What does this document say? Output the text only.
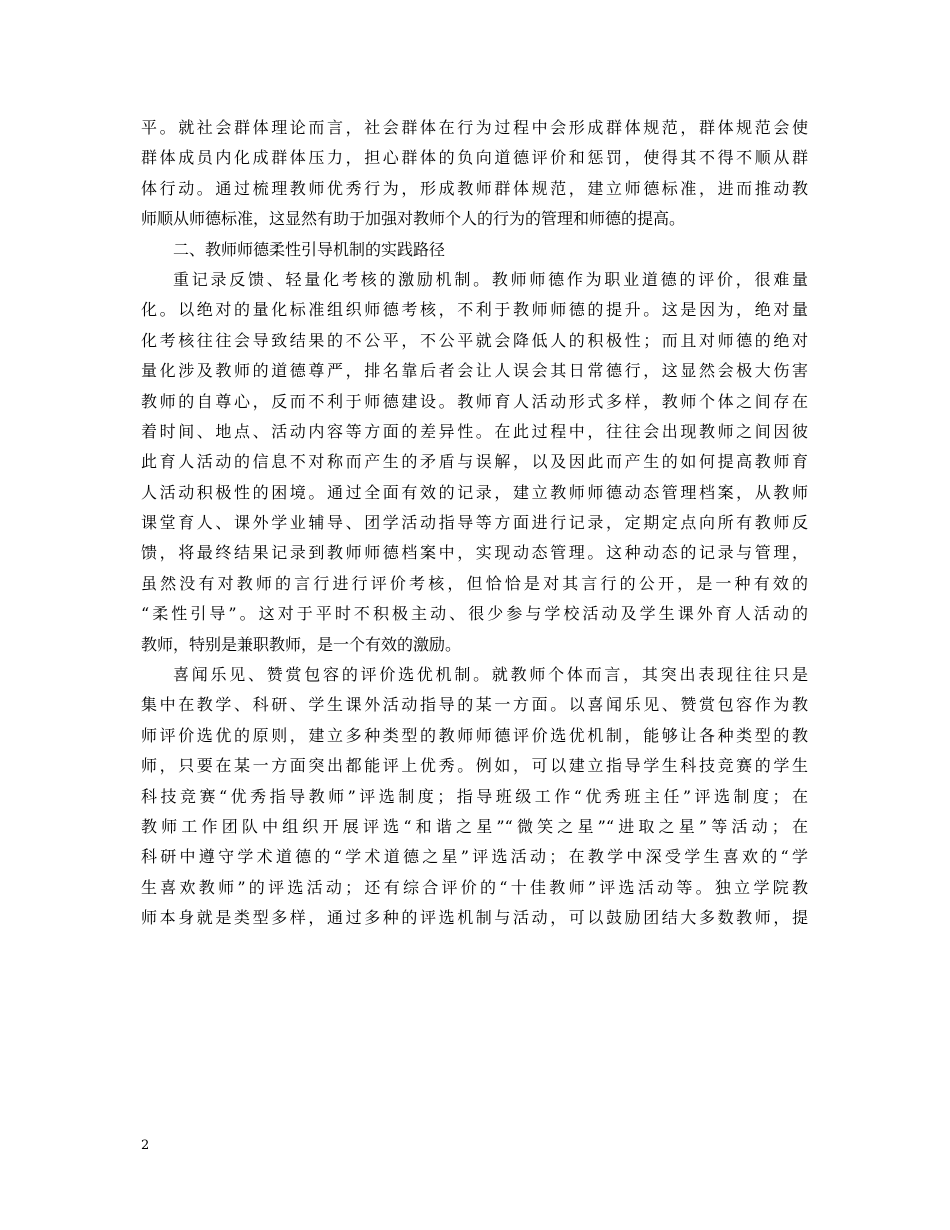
平。就社会群体理论而言，社会群体在行为过程中会形成群体规范，群体规范会使
群体成员内化成群体压力，担心群体的负向道德评价和惩罚，使得其不得不顺从群
体行动。通过梳理教师优秀行为，形成教师群体规范，建立师德标准，进而推动教
师顺从师德标准，这显然有助于加强对教师个人的行为的管理和师德的提高。
二、教师师德柔性引导机制的实践路径
重记录反馈、轻量化考核的激励机制。教师师德作为职业道德的评价，很难量
化。以绝对的量化标准组织师德考核，不利于教师师德的提升。这是因为，绝对量
化考核往往会导致结果的不公平，不公平就会降低人的积极性；而且对师德的绝对
量化涉及教师的道德尊严，排名靠后者会让人误会其日常德行，这显然会极大伤害
教师的自尊心，反而不利于师德建设。教师育人活动形式多样，教师个体之间存在
着时间、地点、活动内容等方面的差异性。在此过程中，往往会出现教师之间因彼
此育人活动的信息不对称而产生的矛盾与误解，以及因此而产生的如何提高教师育
人活动积极性的困境。通过全面有效的记录，建立教师师德动态管理档案，从教师
课堂育人、课外学业辅导、团学活动指导等方面进行记录，定期定点向所有教师反
馈，将最终结果记录到教师师德档案中，实现动态管理。这种动态的记录与管理，
虽然没有对教师的言行进行评价考核，但恰恰是对其言行的公开，是一种有效的
“柔性引导”。这对于平时不积极主动、很少参与学校活动及学生课外育人活动的
教师，特别是兼职教师，是一个有效的激励。
喜闻乐见、赞赏包容的评价选优机制。就教师个体而言，其突出表现往往只是
集中在教学、科研、学生课外活动指导的某一方面。以喜闻乐见、赞赏包容作为教
师评价选优的原则，建立多种类型的教师师德评价选优机制，能够让各种类型的教
师，只要在某一方面突出都能评上优秀。例如，可以建立指导学生科技竞赛的学生
科技竞赛“优秀指导教师”评选制度；指导班级工作“优秀班主任”评选制度；在
教师工作团队中组织开展评选“和谐之星”“微笑之星”“进取之星”等活动；在
科研中遵守学术道德的“学术道德之星”评选活动；在教学中深受学生喜欢的“学
生喜欢教师”的评选活动；还有综合评价的“十佳教师”评选活动等。独立学院教
师本身就是类型多样，通过多种的评选机制与活动，可以鼓励团结大多数教师，提
2
